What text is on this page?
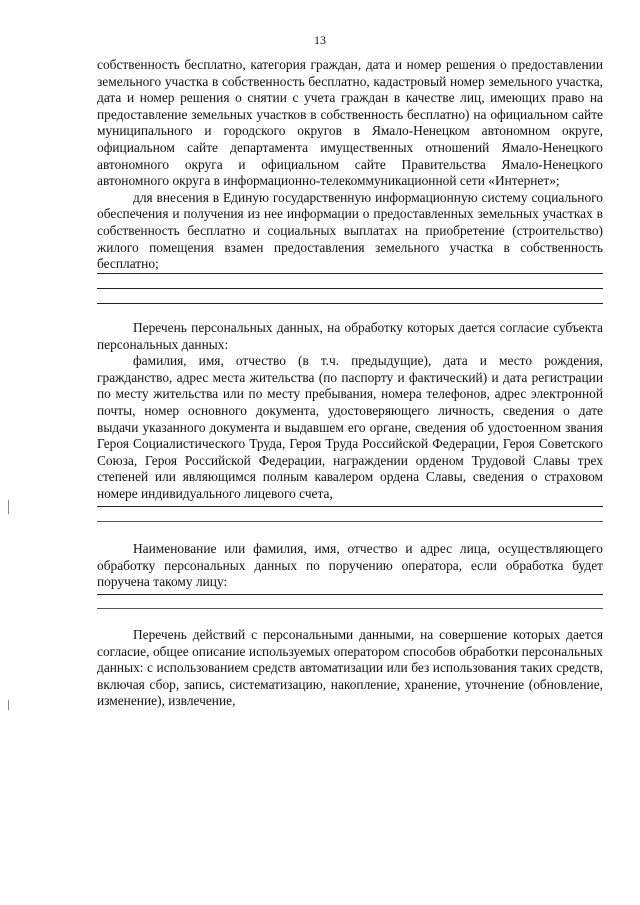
13

собственность бесплатно, категория граждан, дата и номер решения о предоставлении земельного участка в собственность бесплатно, кадастровый номер земельного участка, дата и номер решения о снятии с учета граждан в качестве лиц, имеющих право на предоставление земельных участков в собственность бесплатно) на официальном сайте муниципального и городского округов в Ямало-Ненецком автономном округе, официальном сайте департамента имущественных отношений Ямало-Ненецкого автономного округа и официальном сайте Правительства Ямало-Ненецкого автономного округа в информационно-телекоммуникационной сети «Интернет»;

для внесения в Единую государственную информационную систему социального обеспечения и получения из нее информации о предоставленных земельных участках в собственность бесплатно и социальных выплатах на приобретение (строительство) жилого помещения взамен предоставления земельного участка в собственность бесплатно;

Перечень персональных данных, на обработку которых дается согласие субъекта персональных данных:

фамилия, имя, отчество (в т.ч. предыдущие), дата и место рождения, гражданство, адрес места жительства (по паспорту и фактический) и дата регистрации по месту жительства или по месту пребывания, номера телефонов, адрес электронной почты, номер основного документа, удостоверяющего личность, сведения о дате выдачи указанного документа и выдавшем его органе, сведения об удостоенном звания Героя Социалистического Труда, Героя Труда Российской Федерации, Героя Советского Союза, Героя Российской Федерации, награждении орденом Трудовой Славы трех степеней или являющимся полным кавалером ордена Славы, сведения о страховом номере индивидуального лицевого счета,

Наименование или фамилия, имя, отчество и адрес лица, осуществляющего обработку персональных данных по поручению оператора, если обработка будет поручена такому лицу:

Перечень действий с персональными данными, на совершение которых дается согласие, общее описание используемых оператором способов обработки персональных данных: с использованием средств автоматизации или без использования таких средств, включая сбор, запись, систематизацию, накопление, хранение, уточнение (обновление, изменение), извлечение,
